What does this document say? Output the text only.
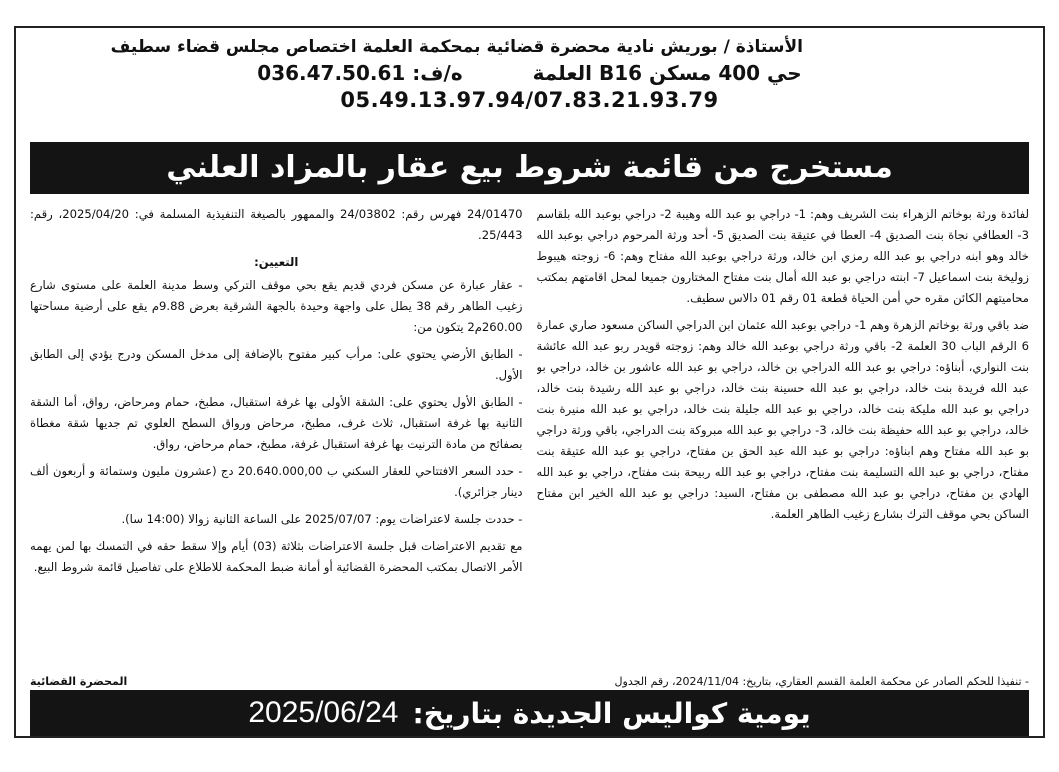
الأستاذة / بوريش نادية محضرة قضائية بمحكمة العلمة اختصاص مجلس قضاء سطيف
حي 400 مسكن B16 العلمة
ه/ف: 036.47.50.61
05.49.13.97.94/07.83.21.93.79
مستخرج من قائمة شروط بيع عقار بالمزاد العلني

لفائدة ورثة بوخاتم الزهراء بنت الشريف وهم: 1- دراجي بو عبد الله وهيبة 2- دراجي بوعبد الله بلقاسم 3- العطافي نجاة بنت الصديق 4- العطا في عتيقة بنت الصديق 5- أحد ورثة المرحوم دراجي بوعبد الله خالد وهو ابنه دراجي بو عبد الله رمزي ابن خالد، ورثة دراجي بوعبد الله مفتاح وهم: 6- زوجته هيبوط زوليخة بنت اسماعيل 7- ابنته دراجي بو عبد الله أمال بنت مفتاح المختارون جميعا لمحل اقامتهم بمكتب محاميتهم الكائن مقره حي أمن الحياة قطعة 01 رقم 01 دالاس سطيف.

ضد باقي ورثة بوخاتم الزهرة وهم 1- دراجي بوعبد الله عثمان ابن الدراجي الساكن مسعود صاري عمارة 6 الرقم الباب 30 العلمة 2- باقي ورثة دراجي بوعبد الله خالد وهم: زوجته قويدر ربو عبد الله عائشة بنت النواري، أبناؤه: دراجي بو عبد الله الدراجي بن خالد، دراجي بو عبد الله عاشور بن خالد، دراجي بو عبد الله فريدة بنت خالد، دراجي بو عبد الله حسينة بنت خالد، دراجي بو عبد الله رشيدة بنت خالد، دراجي بو عبد الله مليكة بنت خالد، دراجي بو عبد الله جليلة بنت خالد، دراجي بو عبد الله منيرة بنت خالد، دراجي بو عبد الله حفيظة بنت خالد، 3- دراجي بو عبد الله مبروكة بنت الدراجي، باقي ورثة دراجي بو عبد الله مفتاح وهم ابناؤه: دراجي بو عبد الله عبد الحق بن مفتاح، دراجي بو عبد الله عتيقة بنت مفتاح، دراجي بو عبد الله التسليمة بنت مفتاح، دراجي بو عبد الله ربيحة بنت مفتاح، دراجي بو عبد الله الهادي بن مفتاح، دراجي بو عبد الله مصطفى بن مفتاح، السيد: دراجي بو عبد الله الخير ابن مفتاح الساكن بحي موقف الترك بشارع زغيب الطاهر العلمة.

24/01470 فهرس رقم: 24/03802 والممهور بالصيغة التنفيذية المسلمة في: 2025/04/20، رقم: 25/443.

التعيين:

- عقار عبارة عن مسكن فردي قديم يقع بحي موقف التركي وسط مدينة العلمة على مستوى شارع زغيب الطاهر رقم 38 يطل على واجهة وحيدة بالجهة الشرقية بعرض 9.88م يقع على أرضية مساحتها 260.00م2 يتكون من:

- الطابق الأرضي يحتوي على: مرأب كبير مفتوح بالإضافة إلى مدخل المسكن ودرج يؤدي إلى الطابق الأول.

- الطابق الأول يحتوي على: الشقة الأولى بها غرفة استقبال، مطبخ، حمام ومرحاض، رواق، أما الشقة الثانية بها غرفة استقبال، ثلاث غرف، مطبخ، مرحاض ورواق السطح العلوي تم جديها شقة مغطاة بصفائح من مادة الترنيت بها غرفة استقبال غرفة، مطبخ، حمام مرحاض، رواق.

- حدد السعر الافتتاحي للعقار السكني ب 20.640.000,00 دج (عشرون مليون وستمائة و أربعون ألف دينار جزائري).

- حددت جلسة لاعتراضات يوم: 2025/07/07 على الساعة الثانية زوالا (14:00 سا).

مع تقديم الاعتراضات قبل جلسة الاعتراضات بثلاثة (03) أيام وإلا سقط حقه في التمسك بها لمن يهمه الأمر الاتصال بمكتب المحضرة القضائية أو أمانة ضبط المحكمة للاطلاع على تفاصيل قائمة شروط البيع.

- تنفيذا للحكم الصادر عن محكمة العلمة القسم العقاري، بتاريخ: 2024/11/04، رقم الجدول
المحضرة القضائية
يومية كواليس الجديدة بتاريخ:
2025/06/24
